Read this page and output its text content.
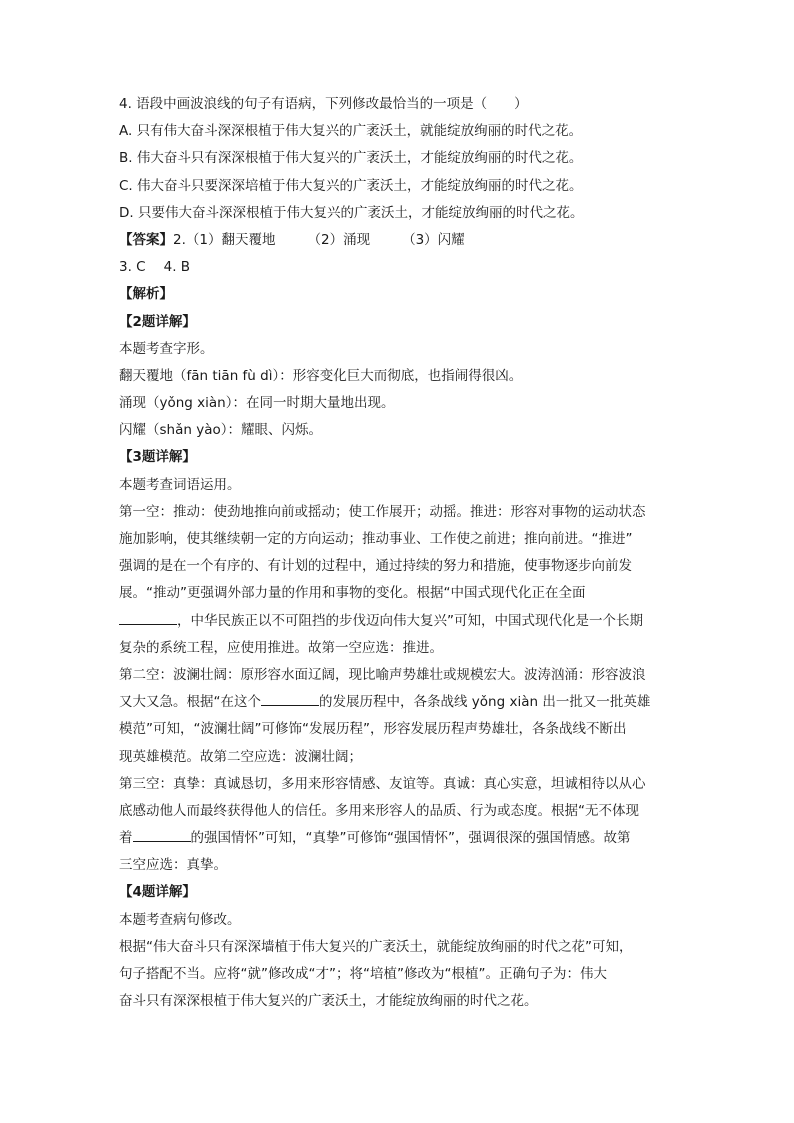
4. 语段中画波浪线的句子有语病，下列修改最恰当的一项是（　　）
A. 只有伟大奋斗深深根植于伟大复兴的广袤沃土，就能绽放绚丽的时代之花。
B. 伟大奋斗只有深深根植于伟大复兴的广袤沃土，才能绽放绚丽的时代之花。
C. 伟大奋斗只要深深培植于伟大复兴的广袤沃土，才能绽放绚丽的时代之花。
D. 只要伟大奋斗深深根植于伟大复兴的广袤沃土，才能绽放绚丽的时代之花。
【答案】2.（1）翻天覆地 （2）涌现 （3）闪耀
3. C 4. B
【解析】
【2题详解】
本题考查字形。
翻天覆地（fān tiān fù dì）：形容变化巨大而彻底，也指闹得很凶。
涌现（yǒng xiàn）：在同一时期大量地出现。
闪耀（shǎn yào）：耀眼、闪烁。
【3题详解】
本题考查词语运用。
第一空：推动：使劲地推向前或摇动；使工作展开；动摇。推进：形容对事物的运动状态
施加影响，使其继续朝一定的方向运动；推动事业、工作使之前进；推向前进。“推进”
强调的是在一个有序的、有计划的过程中，通过持续的努力和措施，使事物逐步向前发
展。“推动”更强调外部力量的作用和事物的变化。根据“中国式现代化正在全面
，中华民族正以不可阻挡的步伐迈向伟大复兴”可知，中国式现代化是一个长期
复杂的系统工程，应使用推进。故第一空应选：推进。
第二空：波澜壮阔：原形容水面辽阔，现比喻声势雄壮或规模宏大。波涛汹涌：形容波浪
又大又急。根据“在这个	的发展历程中，各条战线 yǒng xiàn 出一批又一批英雄
模范”可知，“波澜壮阔”可修饰“发展历程”，形容发展历程声势雄壮，各条战线不断出
现英雄模范。故第二空应选：波澜壮阔；
第三空：真挚：真诚恳切，多用来形容情感、友谊等。真诚：真心实意，坦诚相待以从心
底感动他人而最终获得他人的信任。多用来形容人的品质、行为或态度。根据“无不体现
着	的强国情怀”可知，“真挚”可修饰“强国情怀”，强调很深的强国情感。故第
三空应选：真挚。
【4题详解】
本题考查病句修改。
根据“伟大奋斗只有深深墙植于伟大复兴的广袤沃土，就能绽放绚丽的时代之花”可知，
句子搭配不当。应将“就”修改成“才”；将“培植”修改为“根植”。正确句子为：伟大
奋斗只有深深根植于伟大复兴的广袤沃土，才能绽放绚丽的时代之花。
